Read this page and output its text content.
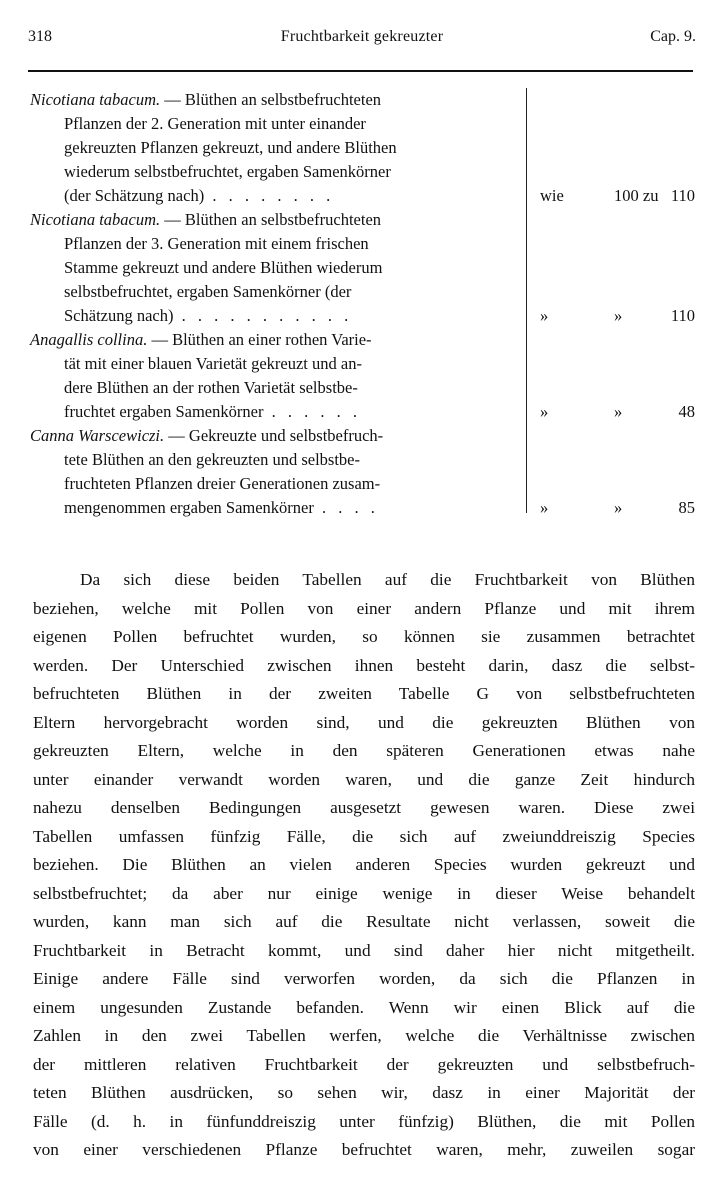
318	Fruchtbarkeit gekreuzter	Cap. 9.
Nicotiana tabacum. — Blüthen an selbstbefruchteten
Pflanzen der 2. Generation mit unter einander
gekreuzten Pflanzen gekreuzt, und andere Blüthen
wiederum selbstbefruchtet, ergaben Samenkörner
(der Schätzung nach) . . . . . . . .	wie	100 zu 110
Nicotiana tabacum. — Blüthen an selbstbefruchteten
Pflanzen der 3. Generation mit einem frischen
Stamme gekreuzt und andere Blüthen wiederum
selbstbefruchtet, ergaben Samenkörner (der
Schätzung nach) . . . . . . . . . . .	»	»	110
Anagallis collina. — Blüthen an einer rothen Varie-
tät mit einer blauen Varietät gekreuzt und an-
dere Blüthen an der rothen Varietät selbstbe-
fruchtet ergaben Samenkörner . . . . . .	»	»	48
Canna Warscewiczi. — Gekreuzte und selbstbefruch-
tete Blüthen an den gekreuzten und selbstbe-
fruchteten Pflanzen dreier Generationen zusam-
mengenommen ergaben Samenkörner . . . .	»	»	85
Da sich diese beiden Tabellen auf die Fruchtbarkeit von Blüthen
beziehen, welche mit Pollen von einer andern Pflanze und mit ihrem
eigenen Pollen befruchtet wurden, so können sie zusammen betrachtet
werden. Der Unterschied zwischen ihnen besteht darin, dasz die selbst-
befruchteten Blüthen in der zweiten Tabelle G von selbstbefruchteten
Eltern hervorgebracht worden sind, und die gekreuzten Blüthen von
gekreuzten Eltern, welche in den späteren Generationen etwas nahe
unter einander verwandt worden waren, und die ganze Zeit hindurch
nahezu denselben Bedingungen ausgesetzt gewesen waren. Diese zwei
Tabellen umfassen fünfzig Fälle, die sich auf zweiunddreiszig Species
beziehen. Die Blüthen an vielen anderen Species wurden gekreuzt und
selbstbefruchtet; da aber nur einige wenige in dieser Weise behandelt
wurden, kann man sich auf die Resultate nicht verlassen, soweit die
Fruchtbarkeit in Betracht kommt, und sind daher hier nicht mitgetheilt.
Einige andere Fälle sind verworfen worden, da sich die Pflanzen in
einem ungesunden Zustande befanden. Wenn wir einen Blick auf die
Zahlen in den zwei Tabellen werfen, welche die Verhältnisse zwischen
der mittleren relativen Fruchtbarkeit der gekreuzten und selbstbefruch-
teten Blüthen ausdrücken, so sehen wir, dasz in einer Majorität der
Fälle (d. h. in fünfunddreiszig unter fünfzig) Blüthen, die mit Pollen
von einer verschiedenen Pflanze befruchtet waren, mehr, zuweilen sogar
